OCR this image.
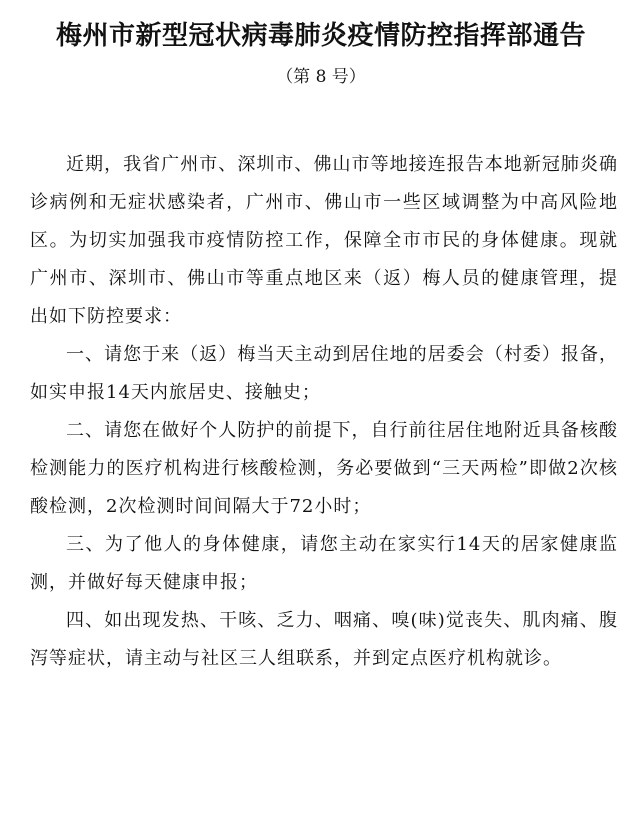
梅州市新型冠状病毒肺炎疫情防控指挥部通告
（第 8 号）

近期，我省广州市、深圳市、佛山市等地接连报告本地新冠肺炎确诊病例和无症状感染者，广州市、佛山市一些区域调整为中高风险地区。为切实加强我市疫情防控工作，保障全市市民的身体健康。现就广州市、深圳市、佛山市等重点地区来（返）梅人员的健康管理，提出如下防控要求：

一、请您于来（返）梅当天主动到居住地的居委会（村委）报备，如实申报14天内旅居史、接触史；

二、请您在做好个人防护的前提下，自行前往居住地附近具备核酸检测能力的医疗机构进行核酸检测，务必要做到“三天两检”即做2次核酸检测，2次检测时间间隔大于72小时；

三、为了他人的身体健康，请您主动在家实行14天的居家健康监测，并做好每天健康申报；

四、如出现发热、干咳、乏力、咽痛、嗅(味)觉丧失、肌肉痛、腹泻等症状，请主动与社区三人组联系，并到定点医疗机构就诊。
